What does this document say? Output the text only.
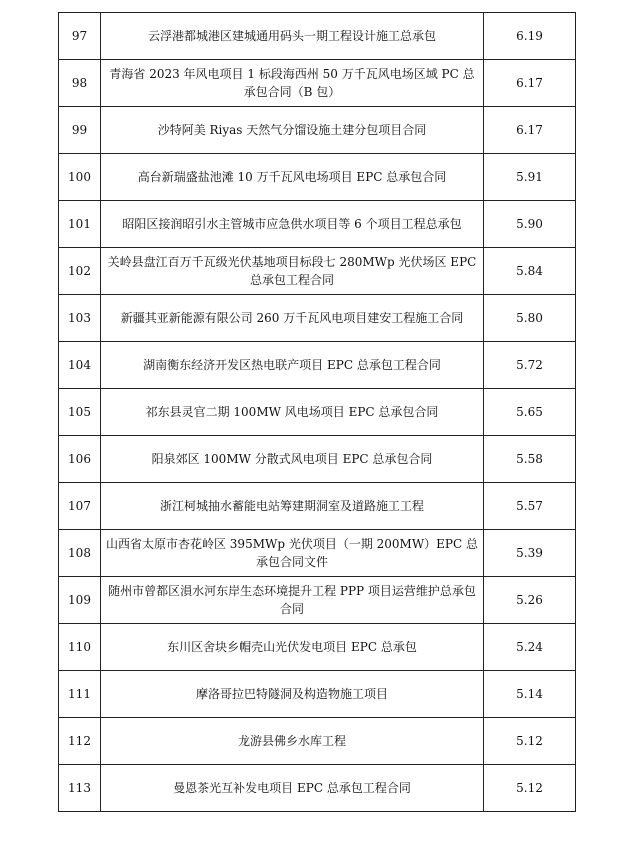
97	云浮港都城港区建城通用码头一期工程设计施工总承包	6.19
98	青海省 2023 年风电项目 1 标段海西州 50 万千瓦风电场区域 PC 总承包合同（B 包）	6.17
99	沙特阿美 Riyas 天然气分馏设施土建分包项目合同	6.17
100	高台新瑞盛盐池滩 10 万千瓦风电场项目 EPC 总承包合同	5.91
101	昭阳区接润昭引水主管城市应急供水项目等 6 个项目工程总承包	5.90
102	关岭县盘江百万千瓦级光伏基地项目标段七 280MWp 光伏场区 EPC 总承包工程合同	5.84
103	新疆其亚新能源有限公司 260 万千瓦风电项目建安工程施工合同	5.80
104	湖南衡东经济开发区热电联产项目 EPC 总承包工程合同	5.72
105	祁东县灵官二期 100MW 风电场项目 EPC 总承包合同	5.65
106	阳泉郊区 100MW 分散式风电项目 EPC 总承包合同	5.58
107	浙江柯城抽水蓄能电站筹建期洞室及道路施工工程	5.57
108	山西省太原市杏花岭区 395MWp 光伏项目（一期 200MW）EPC 总承包合同文件	5.39
109	随州市曾都区溳水河东岸生态环境提升工程 PPP 项目运营维护总承包合同	5.26
110	东川区舍块乡帽壳山光伏发电项目 EPC 总承包	5.24
111	摩洛哥拉巴特隧洞及构造物施工项目	5.14
112	龙游县佛乡水库工程	5.12
113	曼恩茶光互补发电项目 EPC 总承包工程合同	5.12
